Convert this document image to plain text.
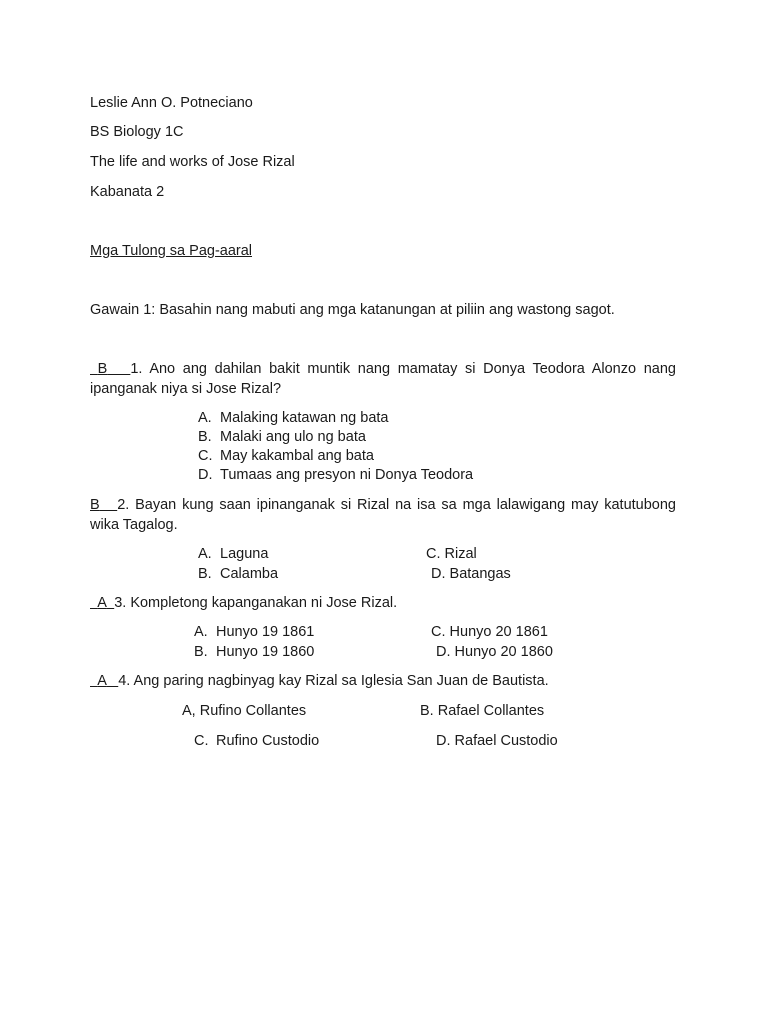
Leslie Ann O. Potneciano
BS Biology 1C
The life and works of Jose Rizal
Kabanata 2
Mga Tulong sa Pag-aaral
Gawain 1: Basahin nang mabuti ang mga katanungan at piliin ang wastong sagot.
B 1. Ano ang dahilan bakit muntik nang mamatay si Donya Teodora Alonzo nang ipanganak niya si Jose Rizal?
A. Malaking katawan ng bata
B. Malaki ang ulo ng bata
C. May kakambal ang bata
D. Tumaas ang presyon ni Donya Teodora
B 2. Bayan kung saan ipinanganak si Rizal na isa sa mga lalawigang may katutubong wika Tagalog.
A. Laguna	C. Rizal
B. Calamba	D. Batangas
A 3. Kompletong kapanganakan ni Jose Rizal.
A. Hunyo 19 1861	C. Hunyo 20 1861
B. Hunyo 19 1860	D. Hunyo 20 1860
A 4. Ang paring nagbinyag kay Rizal sa Iglesia San Juan de Bautista.
A, Rufino Collantes	B. Rafael Collantes
C. Rufino Custodio	D. Rafael Custodio
